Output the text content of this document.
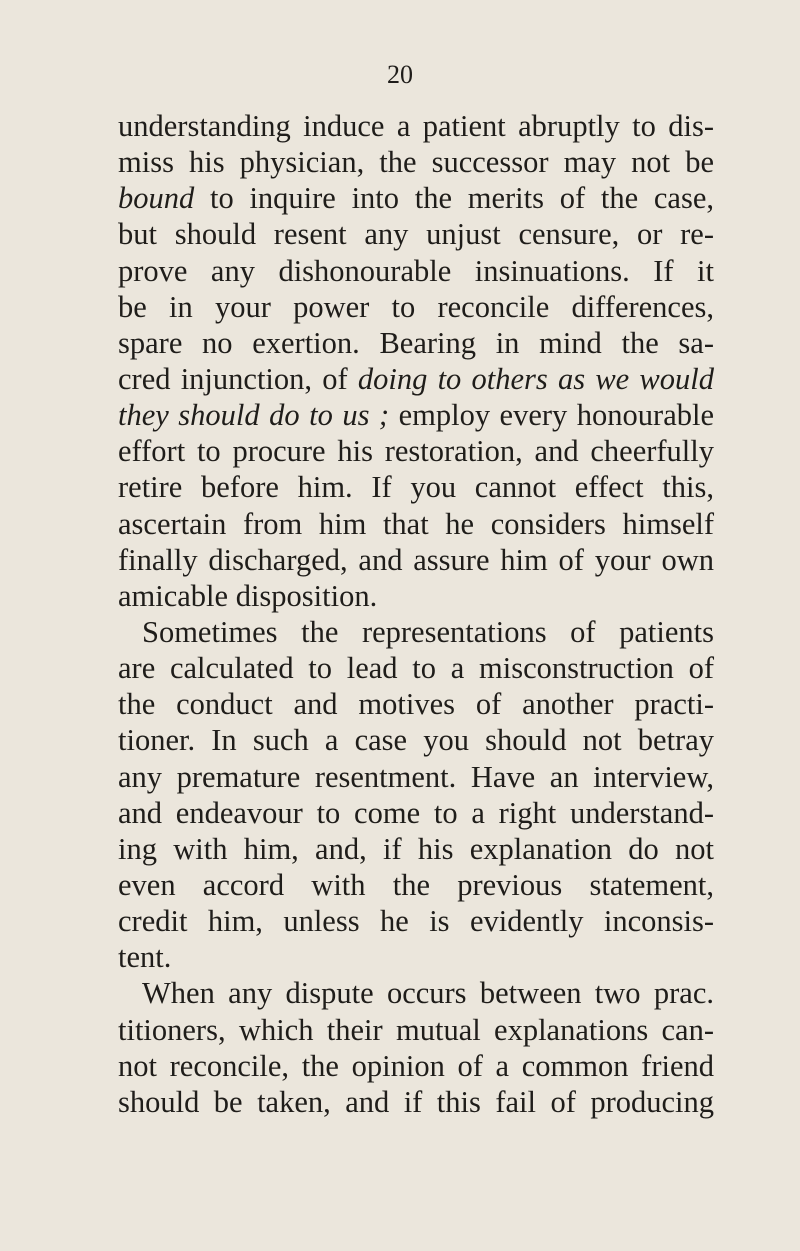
20
understanding induce a patient abruptly to dis-
miss his physician, the successor may not be
bound to inquire into the merits of the case,
but should resent any unjust censure, or re-
prove any dishonourable insinuations. If it
be in your power to reconcile differences,
spare no exertion. Bearing in mind the sa-
cred injunction, of doing to others as we would
they should do to us ; employ every honourable
effort to procure his restoration, and cheerfully
retire before him. If you cannot effect this,
ascertain from him that he considers himself
finally discharged, and assure him of your own
amicable disposition.
Sometimes the representations of patients
are calculated to lead to a misconstruction of
the conduct and motives of another practi-
tioner. In such a case you should not betray
any premature resentment. Have an interview,
and endeavour to come to a right understand-
ing with him, and, if his explanation do not
even accord with the previous statement,
credit him, unless he is evidently inconsis-
tent.
When any dispute occurs between two prac.
titioners, which their mutual explanations can-
not reconcile, the opinion of a common friend
should be taken, and if this fail of producing
